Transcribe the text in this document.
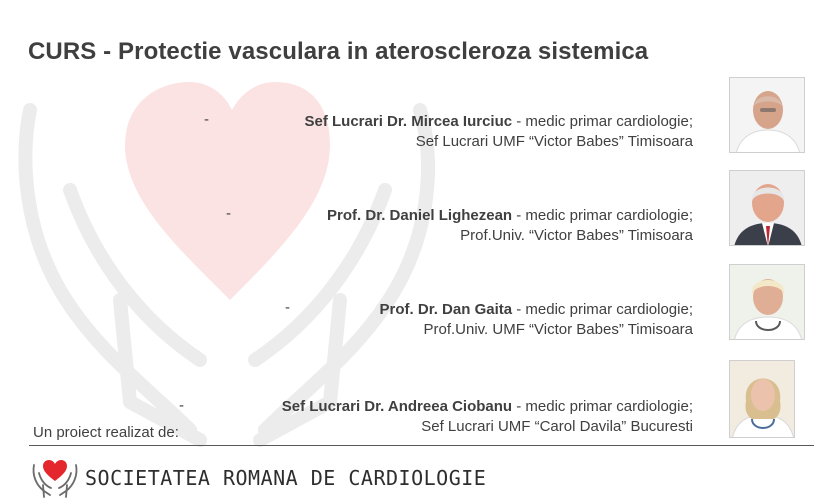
CURS - Protectie vasculara in ateroscleroza sistemica
-	Sef Lucrari Dr. Mircea Iurciuc - medic primar cardiologie;
Sef Lucrari UMF “Victor Babes” Timisoara
-	Prof. Dr. Daniel Lighezean - medic primar cardiologie;
Prof.Univ. “Victor Babes” Timisoara
-	Prof. Dr. Dan Gaita - medic primar cardiologie;
Prof.Univ. UMF “Victor Babes” Timisoara
-	Sef Lucrari Dr. Andreea Ciobanu - medic primar cardiologie;
Sef Lucrari UMF “Carol Davila” Bucuresti
Un proiect realizat de:
SOCIETATEA ROMANA DE CARDIOLOGIE
